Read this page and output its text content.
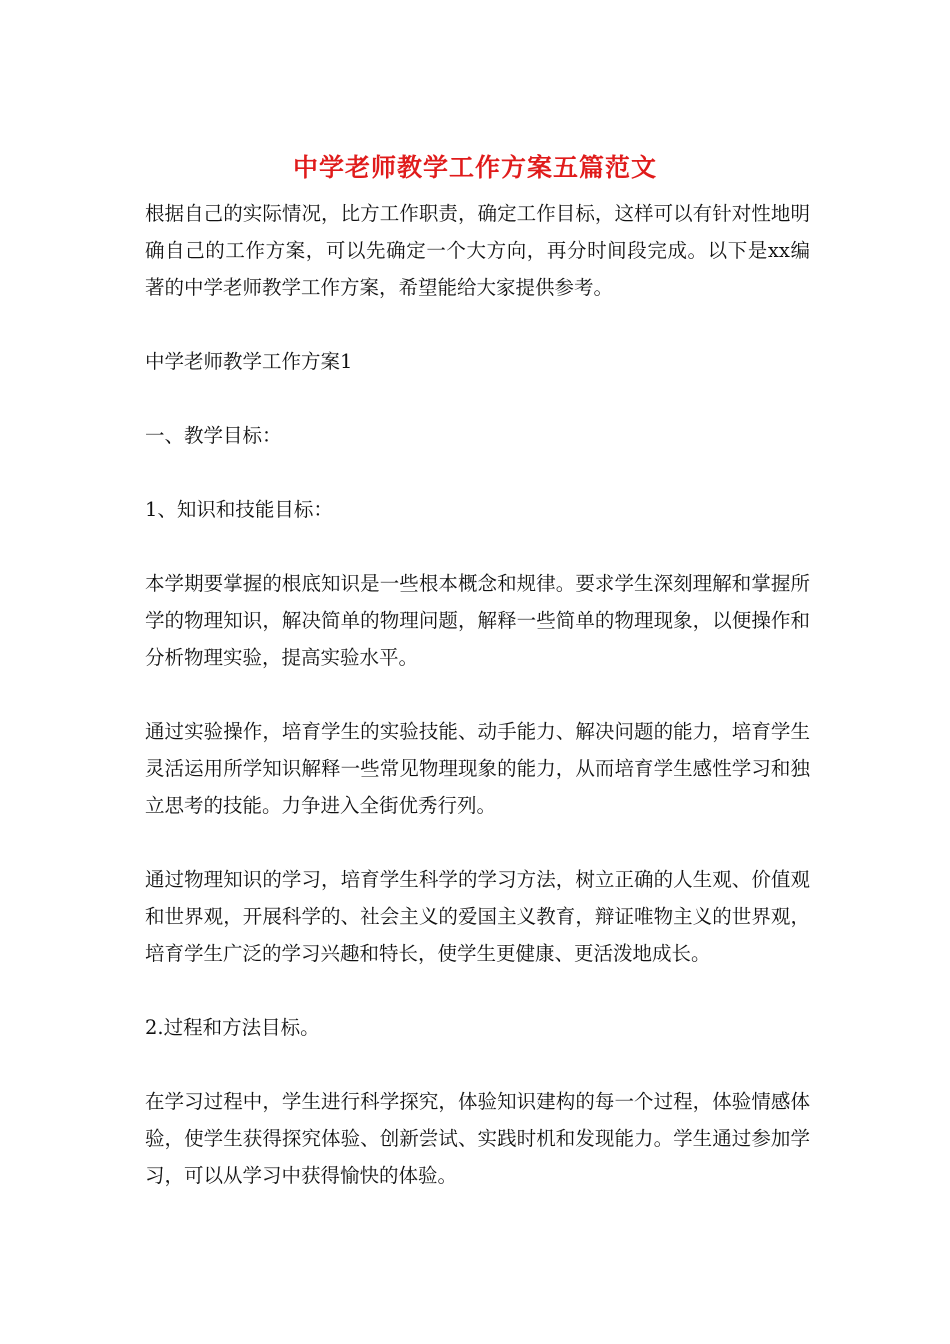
中学老师教学工作方案五篇范文

根据自己的实际情况，比方工作职责，确定工作目标，这样可以有针对性地明确自己的工作方案，可以先确定一个大方向，再分时间段完成。以下是xx编著的中学老师教学工作方案，希望能给大家提供参考。

中学老师教学工作方案1

一、教学目标：

1、知识和技能目标：

本学期要掌握的根底知识是一些根本概念和规律。要求学生深刻理解和掌握所学的物理知识，解决简单的物理问题，解释一些简单的物理现象，以便操作和分析物理实验，提高实验水平。

通过实验操作，培育学生的实验技能、动手能力、解决问题的能力，培育学生灵活运用所学知识解释一些常见物理现象的能力，从而培育学生感性学习和独立思考的技能。力争进入全街优秀行列。

通过物理知识的学习，培育学生科学的学习方法，树立正确的人生观、价值观和世界观，开展科学的、社会主义的爱国主义教育，辩证唯物主义的世界观，培育学生广泛的学习兴趣和特长，使学生更健康、更活泼地成长。

2.过程和方法目标。

在学习过程中，学生进行科学探究，体验知识建构的每一个过程，体验情感体验，使学生获得探究体验、创新尝试、实践时机和发现能力。学生通过参加学习，可以从学习中获得愉快的体验。
